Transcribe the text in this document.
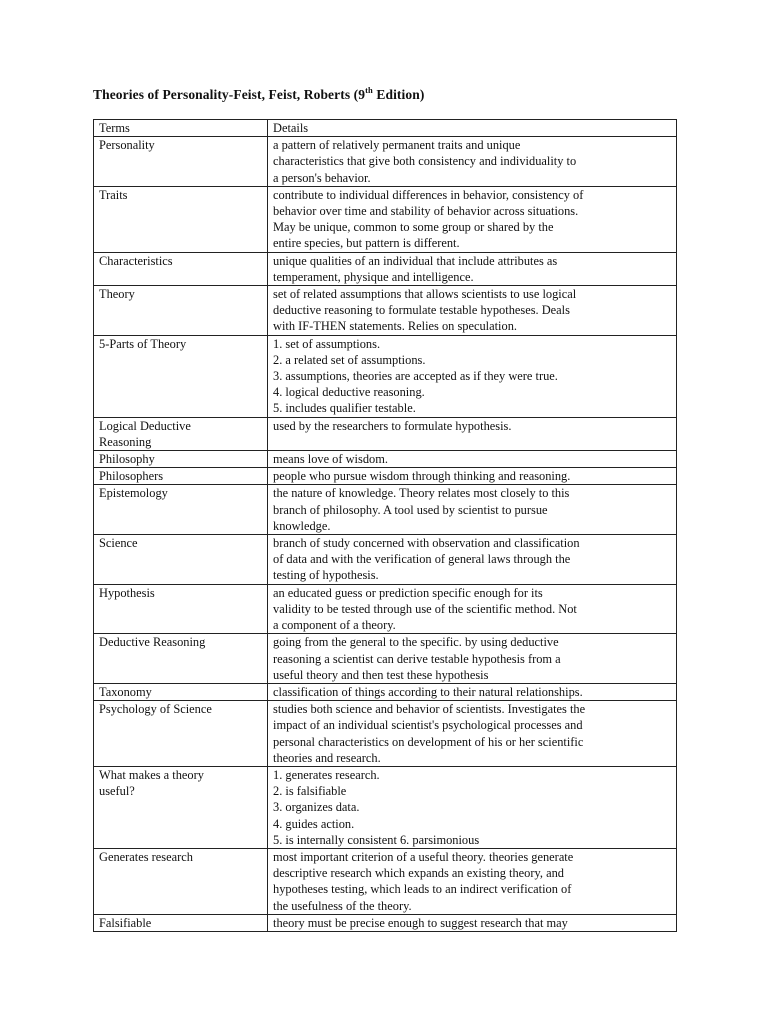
Theories of Personality-Feist, Feist, Roberts (9th Edition)
Terms	Details

Personality	a pattern of relatively permanent traits and unique
characteristics that give both consistency and individuality to
a person's behavior.

Traits	contribute to individual differences in behavior, consistency of
behavior over time and stability of behavior across situations.
May be unique, common to some group or shared by the
entire species, but pattern is different.

Characteristics	unique qualities of an individual that include attributes as
temperament, physique and intelligence.

Theory	set of related assumptions that allows scientists to use logical
deductive reasoning to formulate testable hypotheses. Deals
with IF-THEN statements. Relies on speculation.

5-Parts of Theory	1. set of assumptions.
2. a related set of assumptions.
3. assumptions, theories are accepted as if they were true.
4. logical deductive reasoning.
5. includes qualifier testable.

Logical Deductive
Reasoning	used by the researchers to formulate hypothesis.

Philosophy	means love of wisdom.

Philosophers	people who pursue wisdom through thinking and reasoning.

Epistemology	the nature of knowledge. Theory relates most closely to this
branch of philosophy. A tool used by scientist to pursue
knowledge.

Science	branch of study concerned with observation and classification
of data and with the verification of general laws through the
testing of hypothesis.

Hypothesis	an educated guess or prediction specific enough for its
validity to be tested through use of the scientific method. Not
a component of a theory.

Deductive Reasoning	going from the general to the specific. by using deductive
reasoning a scientist can derive testable hypothesis from a
useful theory and then test these hypothesis

Taxonomy	classification of things according to their natural relationships.

Psychology of Science	studies both science and behavior of scientists. Investigates the
impact of an individual scientist's psychological processes and
personal characteristics on development of his or her scientific
theories and research.

What makes a theory
useful?	1. generates research.
2. is falsifiable
3. organizes data.
4. guides action.
5. is internally consistent 6. parsimonious

Generates research	most important criterion of a useful theory. theories generate
descriptive research which expands an existing theory, and
hypotheses testing, which leads to an indirect verification of
the usefulness of the theory.

Falsifiable	theory must be precise enough to suggest research that may
